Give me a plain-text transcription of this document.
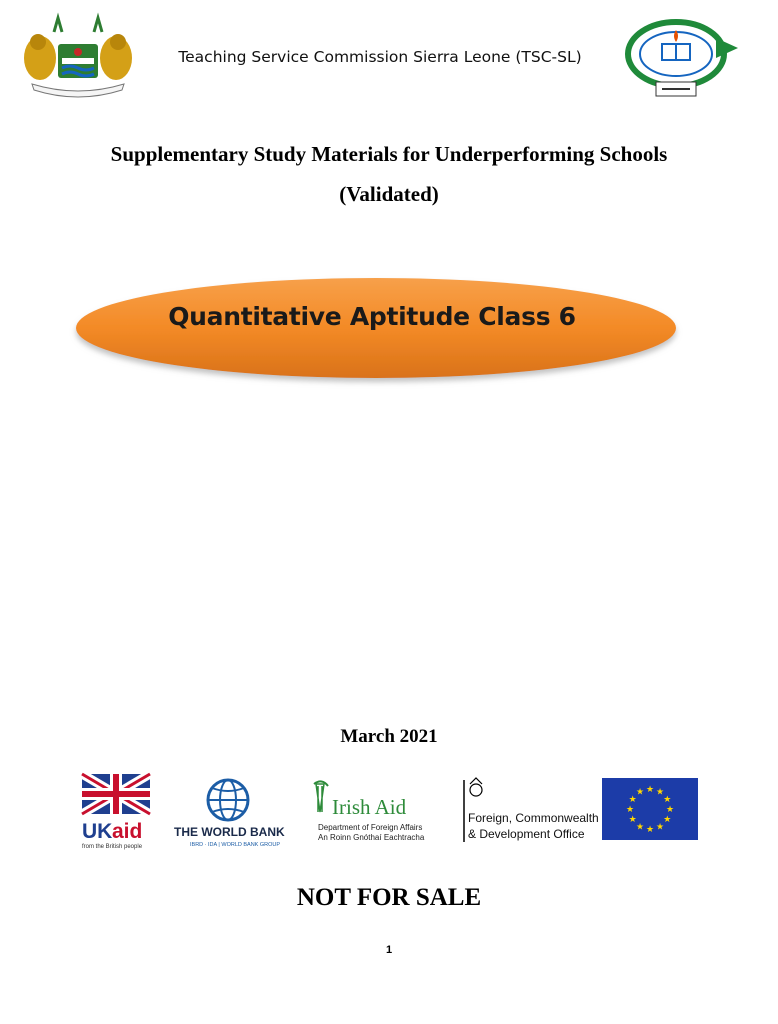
Teaching Service Commission Sierra Leone (TSC-SL)
Supplementary Study Materials for Underperforming Schools
(Validated)
Quantitative Aptitude Class 6
March 2021
UK aid
from the British people
THE WORLD BANK
IBRD · IDA | WORLD BANK GROUP
Irish Aid
Department of Foreign Affairs
An Roinn Gnóthaí Eachtracha
Foreign, Commonwealth
& Development Office
★ ★
★
★
★
★
★
★
★
★
★
★
NOT FOR SALE
1
